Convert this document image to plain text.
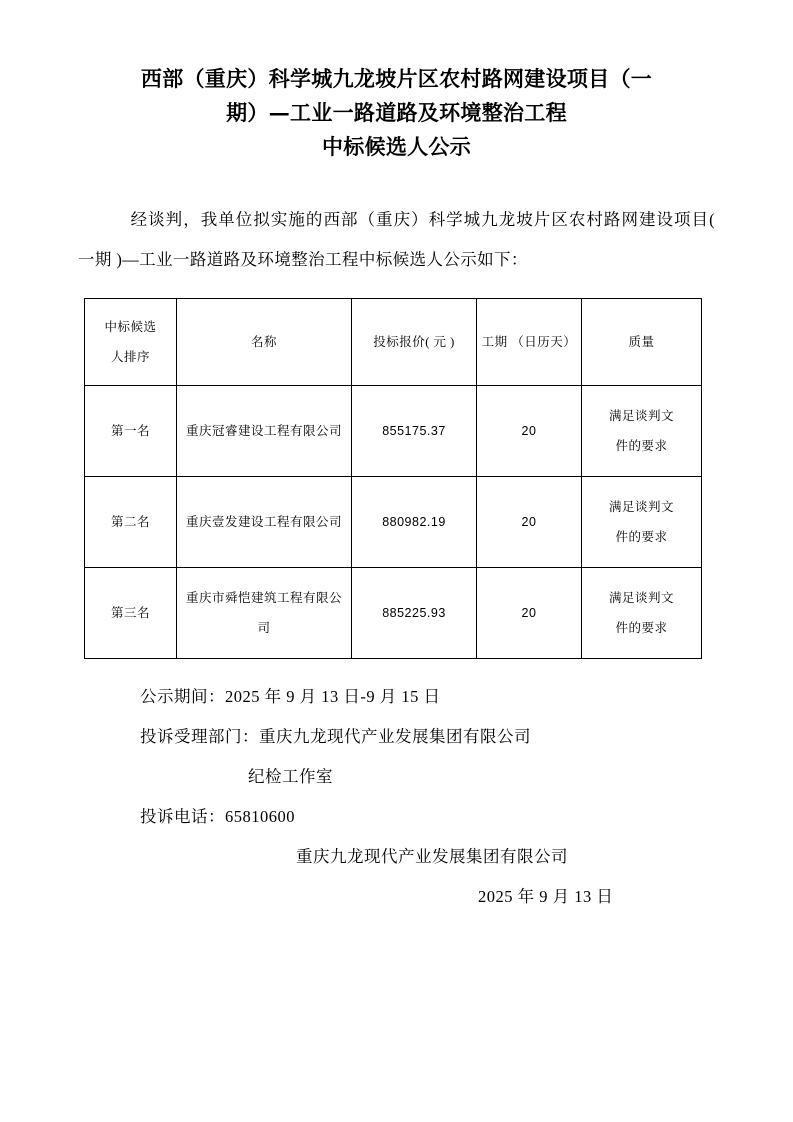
西部（重庆）科学城九龙坡片区农村路网建设项目（一
期）—工业一路道路及环境整治工程
中标候选人公示

经谈判，我单位拟实施的西部（重庆）科学城九龙坡片区农村路网建设项目( 一期 )—工业一路道路及环境整治工程中标候选人公示如下：

中标候选
人排序	名称	投标报价( 元 )	工期 （日历天）	质量
第一名	重庆冠睿建设工程有限公司	855175.37	20	满足谈判文
件的要求

第二名	重庆壹发建设工程有限公司	880982.19	20	满足谈判文
件的要求

第三名	重庆市舜恺建筑工程有限公司	885225.93	20	满足谈判文
件的要求
公示期间：2025 年 9 月 13 日-9 月 15 日
投诉受理部门：重庆九龙现代产业发展集团有限公司
纪检工作室
投诉电话：65810600
重庆九龙现代产业发展集团有限公司
2025 年 9 月 13 日
